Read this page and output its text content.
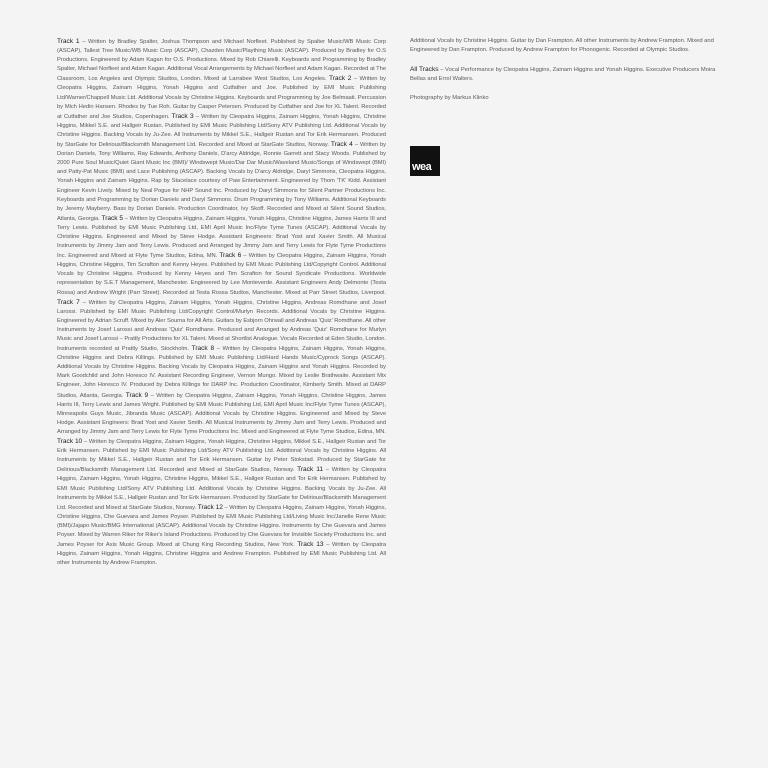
Track 1 – Written by Bradley Spalter, Joshua Thompson and Michael Norfleet. Published by Spalter Music/WB Music Corp (ASCAP), Tallest Tree Music/WB Music Corp (ASCAP), Chazden Music/Plaything Music (ASCAP). Produced by Bradley for O.S Productions. Engineered by Adam Kagan for O.S. Productions. Mixed by Rob Chiarelli. Keyboards and Programming by Bradley Spalter, Michael Norfleet and Adam Kagan. Additional Vocal Arrangements by Michael Norfleet and Adam Kagan. Recorded at The Classroom, Los Angeles and Olympic Studios, London. Mixed at Larrabee West Studios, Los Angeles. Track 2 – Written by Cleopatra Higgins, Zainam Higgins, Yonah Higgins and Cutfather and Joe. Published by EMI Music Publishing Ltd/Warner/Chappell Music Ltd. Additional Vocals by Christine Higgins. Keyboards and Programming by Joe Belmaati. Percussion by Mich Hedin Hansen. Rhodes by Tue Roh. Guitar by Casper Petersen. Produced by Cutfather and Joe for XL Talent. Recorded at Cutfather and Joe Studios, Copenhagen. Track 3 – Written by Cleopatra Higgins, Zainam Higgins, Yonah Higgins, Christine Higgins, Mikkel S.E. and Hallgeir Rustan. Published by EMI Music Publishing Ltd/Sony ATV Publishing Ltd. Additional Vocals by Christine Higgins. Backing Vocals by Ju-Zee. All Instruments by Mikkel S.E., Hallgeir Rustan and Tor Erik Hermansen. Produced by StarGate for Delirious/Blacksmith Management Ltd. Recorded and Mixed at StarGate Studios, Norway. Track 4 – Written by Dorian Daniels, Tony Williams, Ray Edwards, Anthony Daniels, D'arcy Aldridge, Ronnie Garrett and Stacy Woods. Published by 2000 Pure Soul Music/Quiet Giant Music Inc (BMI)/ Windswept Music/Dar Dar Music/Waveland Music/Songs of Windswept (BMI) and Patty-Pat Music (BMI) and Lace Publishing (ASCAP). Backing Vocals by D'arcy Aldridge, Daryl Simmons, Cleopatra Higgins, Yonah Higgins and Zainam Higgins. Rap by Stacelace courtesy of Paw Entertainment. Engineered by Thom 'TK' Kidd. Assistant Engineer Kevin Lively. Mixed by Neal Pogue for NHP Sound Inc. Produced by Daryl Simmons for Silent Partner Productions Inc. Keyboards and Programming by Dorian Daniels and Daryl Simmons. Drum Programming by Tony Williams. Additional Keyboards by Jeremy Mayberry. Bass by Dorian Daniels. Production Coordinator, Ivy Skoff. Recorded and Mixed at Silent Sound Studios, Atlanta, Georgia. Track 5 – Written by Cleopatra Higgins, Zainam Higgins, Yonah Higgins, Christine Higgins, James Harris III and Terry Lewis. Published by EMI Music Publishing Ltd, EMI April Music Inc/Flyte Tyme Tunes (ASCAP). Additional Vocals by Christine Higgins. Engineered and Mixed by Steve Hodge. Assistant Engineers: Brad Yost and Xavier Smith. All Musical Instruments by Jimmy Jam and Terry Lewis. Produced and Arranged by Jimmy Jam and Terry Lewis for Flyte Tyme Productions Inc. Engineered and Mixed at Flyte Tyme Studios, Edina, MN. Track 6 – Written by Cleopatra Higgins, Zainam Higgins, Yonah Higgins, Christine Higgins, Tim Scrafton and Kenny Heyes. Published by EMI Music Publishing Ltd/Copyright Control. Additional Vocals by Christine Higgins. Produced by Kenny Heyes and Tim Scrafton for Sound Syndicate Productions. Worldwide representation by S.E.T Management, Manchester. Engineered by Lee Monteverde. Assistant Engineers Andy Delmonte (Testa Rossa) and Andrew Wright (Parr Street). Recorded at Testa Rossa Studios, Manchester. Mixed at Parr Street Studios, Liverpool. Track 7 – Written by Cleopatra Higgins, Zainam Higgins, Yonah Higgins, Christine Higgins, Andreas Romdhane and Josef Larossi. Published by EMI Music Publishing Ltd/Copyright Control/Murlyn Records. Additional Vocals by Christine Higgins. Engineered by Adrian Scruff. Mixed by Aler Sourna for All Arts. Guitars by Esbjorn Ohrwall and Andreas 'Quiz' Romdhane. All other Instruments by Josef Larossi and Andreas 'Quiz' Romdhane. Produced and Arranged by Andreas 'Quiz' Romdhane for Murlyn Music and Josef Larossi – Prattly Productions for XL Talent. Mixed at Shortlist Analogue. Vocals Recorded at Eden Studio, London. Instruments recorded at Prattly Studio, Stockholm. Track 8 – Written by Cleopatra Higgins, Zainam Higgins, Yonah Higgins, Christine Higgins and Debra Killings. Published by EMI Music Publishing Ltd/Hard Hands Music/Cyprock Songs (ASCAP). Additional Vocals by Christine Higgins. Backing Vocals by Cleopatra Higgins, Zainam Higgins and Yonah Higgins. Recorded by Mark Goodchild and John Horesco IV. Assistant Recording Engineer, Vernon Mungo. Mixed by Leslie Brathwaite. Assistant Mix Engineer, John Horesco IV. Produced by Debra Killings for DARP Inc. Production Coordinator, Kimberly Smith. Mixed at DARP Studios, Atlanta, Georgia. Track 9 – Written by Cleopatra Higgins, Zainam Higgins, Yonah Higgins, Christine Higgins, James Harris III, Terry Lewis and James Wright. Published by EMI Music Publishing Ltd, EMI April Music Inc/Flyte Tyme Tunes (ASCAP), Minneapolis Guys Music, Jibranda Music (ASCAP). Additional Vocals by Christine Higgins. Engineered and Mixed by Steve Hodge. Assistant Engineers: Brad Yost and Xavier Smith. All Musical Instruments by Jimmy Jam and Terry Lewis. Produced and Arranged by Jimmy Jam and Terry Lewis for Flyte Tyme Productions Inc. Mixed and Engineered at Flyte Tyme Studios, Edina, MN. Track 10 – Written by Cleopatra Higgins, Zainam Higgins, Yonah Higgins, Christine Higgins, Mikkel S.E., Hallgeir Rustan and Tor Erik Hermansen. Published by EMI Music Publishing Ltd/Sony ATV Publishing Ltd. Additional Vocals by Christine Higgins. All Instruments by Mikkel S.E., Hallgeir Rustan and Tor Erik Hermansen. Guitar by Peter Stokstad. Produced by StarGate for Delirious/Blacksmith Management Ltd. Recorded and Mixed at StarGate Studios, Norway. Track 11 – Written by Cleopatra Higgins, Zainam Higgins, Yonah Higgins, Christine Higgins, Mikkel S.E., Hallgeir Rustan and Tor Erik Hermansen. Published by EMI Music Publishing Ltd/Sony ATV Publishing Ltd. Additional Vocals by Christine Higgins. Backing Vocals by Ju-Zee. All Instruments by Mikkel S.E., Hallgeir Rustan and Tor Erik Hermansen. Produced by StarGate for Delirious/Blacksmith Management Ltd. Recorded and Mixed at StarGate Studios, Norway. Track 12 – Written by Cleopatra Higgins, Zainam Higgins, Yonah Higgins, Christine Higgins, Che Guevara and James Poyser. Published by EMI Music Publishing Ltd/Living Music Inc/Janelle Rene Music (BMI)/Jajapo Music/BMG International (ASCAP). Additional Vocals by Christine Higgins. Instruments by Che Guevara and James Poyser. Mixed by Warren Riker for Riker's Island Productions. Produced by Che Guevara for Invisible Society Productions Inc. and James Poyser for Axis Music Group. Mixed at Chung King Recording Studios, New York. Track 13 – Written by Cleopatra Higgins, Zainam Higgins, Yonah Higgins, Christine Higgins and Andrew Frampton. Published by EMI Music Publishing Ltd. All other Instruments by Andrew Frampton.

Additional Vocals by Christine Higgins. Guitar by Dan Frampton. All other Instruments by Andrew Frampton. Mixed and Engineered by Dan Frampton. Produced by Andrew Frampton for Phonogenic. Recorded at Olympic Studios.

All Tracks – Vocal Performance by Cleopatra Higgins, Zainam Higgins and Yonah Higgins. Executive Producers Moira Bellas and Errol Walters.

Photography by Markus Klinko

wea
